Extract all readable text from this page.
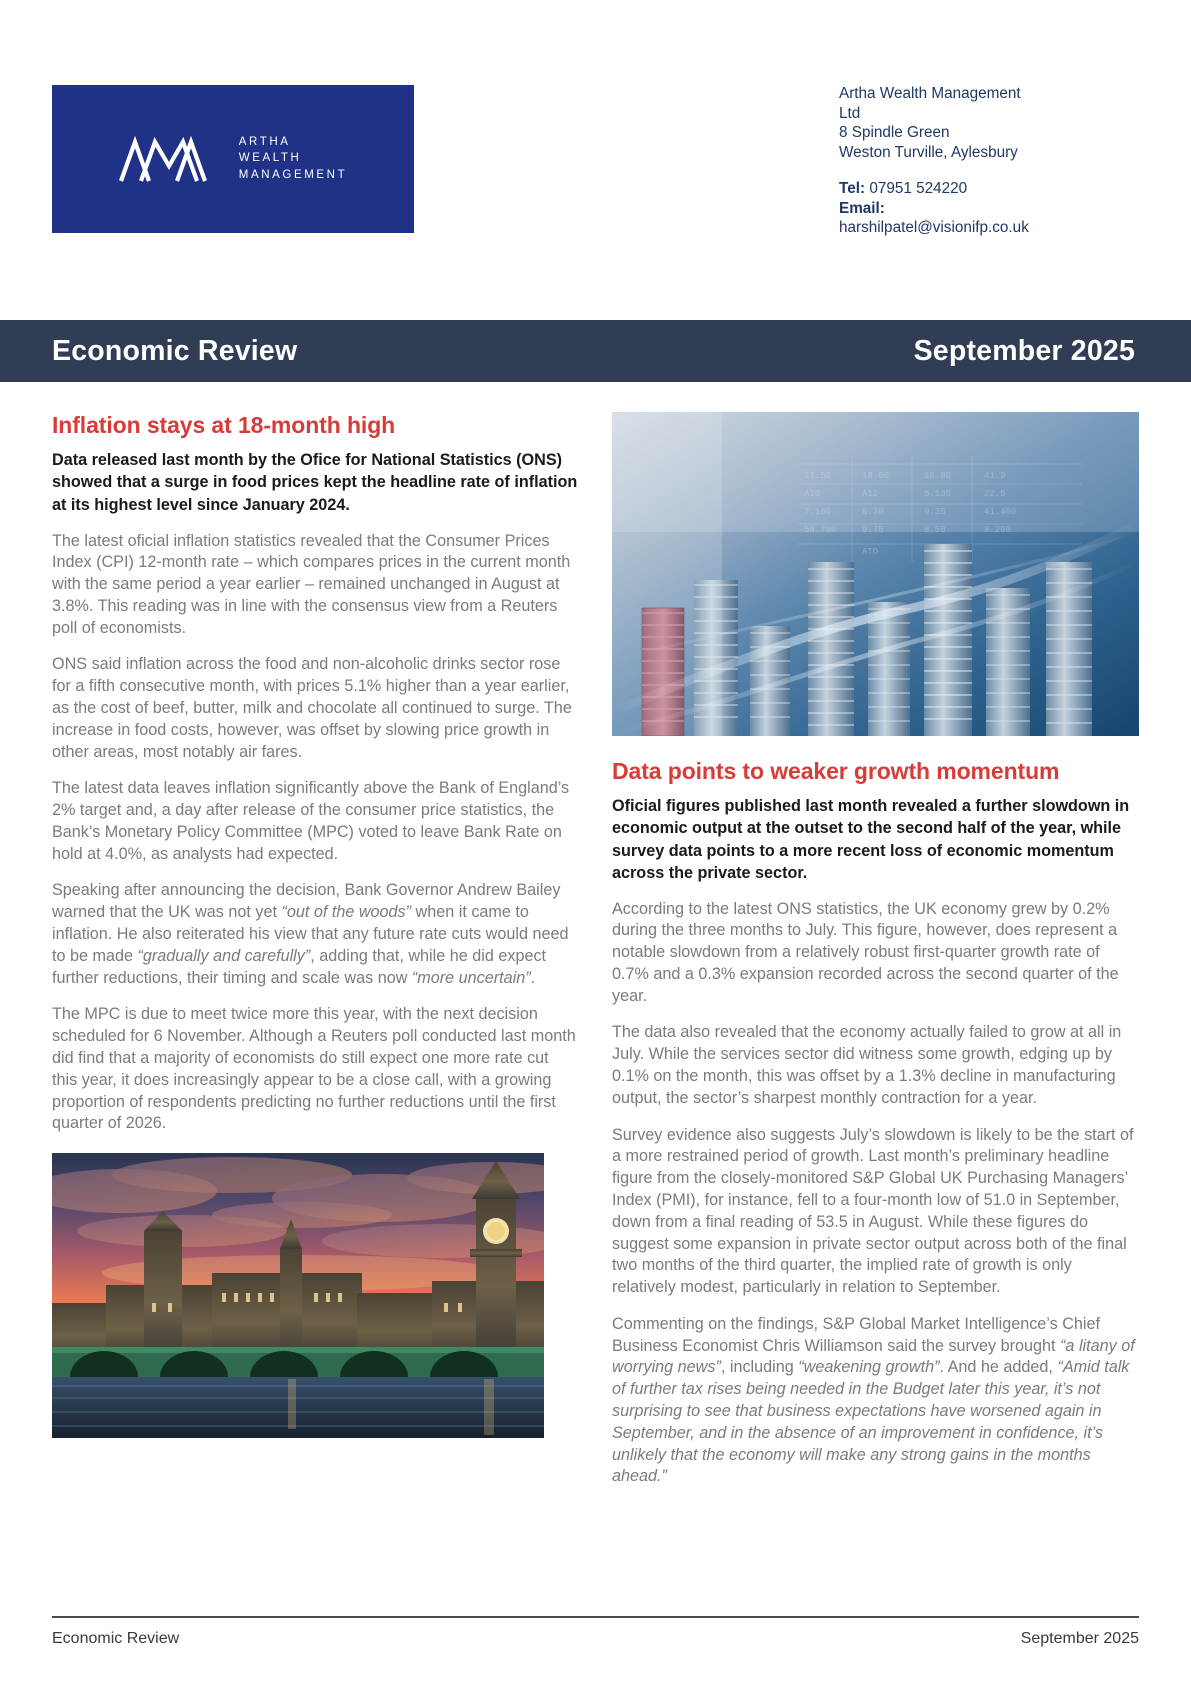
ARTHA
WEALTH
MANAGEMENT
Artha Wealth Management
Ltd
8 Spindle Green
Weston Turville, Aylesbury
Tel: 07951 524220
Email:
harshilpatel@visionifp.co.uk
Economic Review	September 2025
Inflation stays at 18-month high

Data released last month by the Ofice for National Statistics (ONS) showed that a surge in food prices kept the headline rate of inflation at its highest level since January 2024.

The latest oficial inflation statistics revealed that the Consumer Prices Index (CPI) 12-month rate – which compares prices in the current month with the same period a year earlier – remained unchanged in August at 3.8%. This reading was in line with the consensus view from a Reuters poll of economists.

ONS said inflation across the food and non-alcoholic drinks sector rose for a fifth consecutive month, with prices 5.1% higher than a year earlier, as the cost of beef, butter, milk and chocolate all continued to surge. The increase in food costs, however, was offset by slowing price growth in other areas, most notably air fares.

The latest data leaves inflation significantly above the Bank of England’s 2% target and, a day after release of the consumer price statistics, the Bank’s Monetary Policy Committee (MPC) voted to leave Bank Rate on hold at 4.0%, as analysts had expected.

Speaking after announcing the decision, Bank Governor Andrew Bailey warned that the UK was not yet “out of the woods” when it came to inflation. He also reiterated his view that any future rate cuts would need to be made “gradually and carefully”, adding that, while he did expect further reductions, their timing and scale was now “more uncertain”.

The MPC is due to meet twice more this year, with the next decision scheduled for 6 November. Although a Reuters poll conducted last month did find that a majority of economists do still expect one more rate cut this year, it does increasingly appear to be a close call, with a growing proportion of respondents predicting no further reductions until the first quarter of 2026.

17.50	18.00	16.80	41.9
A10	A12	5.135	22.5
7.160	6.30	9.35	41.400
58.700	9.75	8.50	8.200
ATO
Data points to weaker growth momentum

Oficial figures published last month revealed a further slowdown in economic output at the outset to the second half of the year, while survey data points to a more recent loss of economic momentum across the private sector.

According to the latest ONS statistics, the UK economy grew by 0.2% during the three months to July. This figure, however, does represent a notable slowdown from a relatively robust first-quarter growth rate of 0.7% and a 0.3% expansion recorded across the second quarter of the year.

The data also revealed that the economy actually failed to grow at all in July. While the services sector did witness some growth, edging up by 0.1% on the month, this was offset by a 1.3% decline in manufacturing output, the sector’s sharpest monthly contraction for a year.

Survey evidence also suggests July’s slowdown is likely to be the start of a more restrained period of growth. Last month’s preliminary headline figure from the closely-monitored S&P Global UK Purchasing Managers’ Index (PMI), for instance, fell to a four-month low of 51.0 in September, down from a final reading of 53.5 in August. While these figures do suggest some expansion in private sector output across both of the final two months of the third quarter, the implied rate of growth is only relatively modest, particularly in relation to September.

Commenting on the findings, S&P Global Market Intelligence’s Chief Business Economist Chris Williamson said the survey brought “a litany of worrying news”, including “weakening growth”. And he added, “Amid talk of further tax rises being needed in the Budget later this year, it’s not surprising to see that business expectations have worsened again in September, and in the absence of an improvement in confidence, it’s unlikely that the economy will make any strong gains in the months ahead.”

Economic Review	September 2025
